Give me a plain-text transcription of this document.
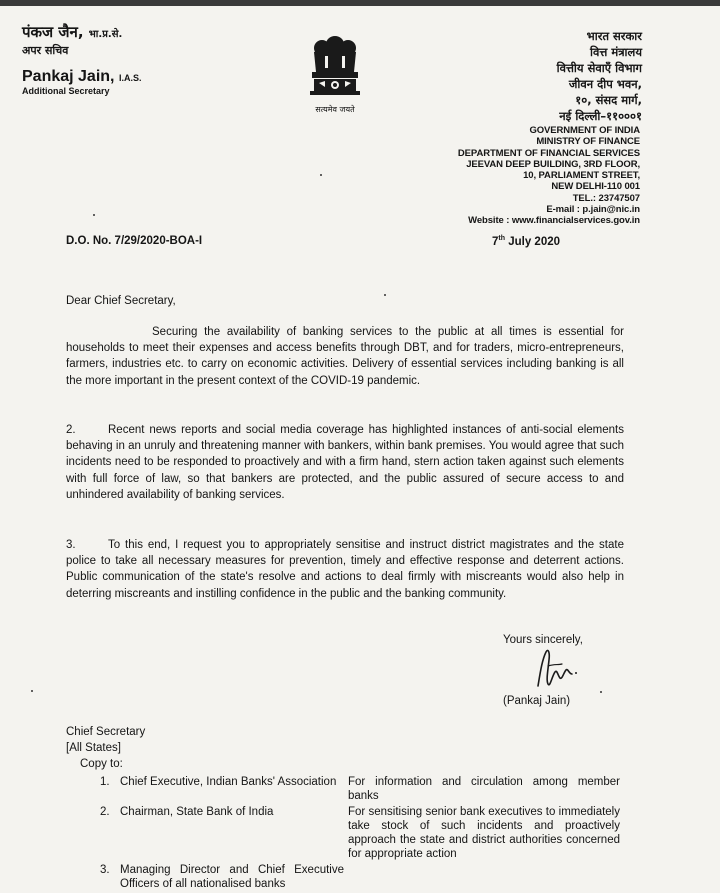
पंकज जैन, भा.प्र.से.
अपर सचिव
Pankaj Jain, I.A.S.
Additional Secretary
सत्यमेव जयते
भारत सरकार
वित्त मंत्रालय
वित्तीय सेवाएँ विभाग
जीवन दीप भवन,
१०, संसद मार्ग,
नई दिल्ली–११०००१
GOVERNMENT OF INDIA
MINISTRY OF FINANCE
DEPARTMENT OF FINANCIAL SERVICES
JEEVAN DEEP BUILDING, 3RD FLOOR,
10, PARLIAMENT STREET,
NEW DELHI-110 001
TEL.: 23747507
E-mail : p.jain@nic.in
Website : www.financialservices.gov.in
D.O. No. 7/29/2020-BOA-I	7th July 2020
Dear Chief Secretary,
Securing the availability of banking services to the public at all times is essential for households to meet their expenses and access benefits through DBT, and for traders, micro-entrepreneurs, farmers, industries etc. to carry on economic activities. Delivery of essential services including banking is all the more important in the present context of the COVID-19 pandemic.
2.	Recent news reports and social media coverage has highlighted instances of anti-social elements behaving in an unruly and threatening manner with bankers, within bank premises. You would agree that such incidents need to be responded to proactively and with a firm hand, stern action taken against such elements with full force of law, so that bankers are protected, and the public assured of secure access to and unhindered availability of banking services.
3.	To this end, I request you to appropriately sensitise and instruct district magistrates and the state police to take all necessary measures for prevention, timely and effective response and deterrent actions. Public communication of the state's resolve and actions to deal firmly with miscreants would also help in deterring miscreants and instilling confidence in the public and the banking community.
Yours sincerely,
(Pankaj Jain)
Chief Secretary
[All States]
Copy to:
1. Chief Executive, Indian Banks' Association	For information and circulation among member banks
2. Chairman, State Bank of India	For sensitising senior bank executives to immediately take stock of such incidents and proactively approach the state and district authorities concerned for appropriate action
3. Managing Director and Chief Executive Officers of all nationalised banks
